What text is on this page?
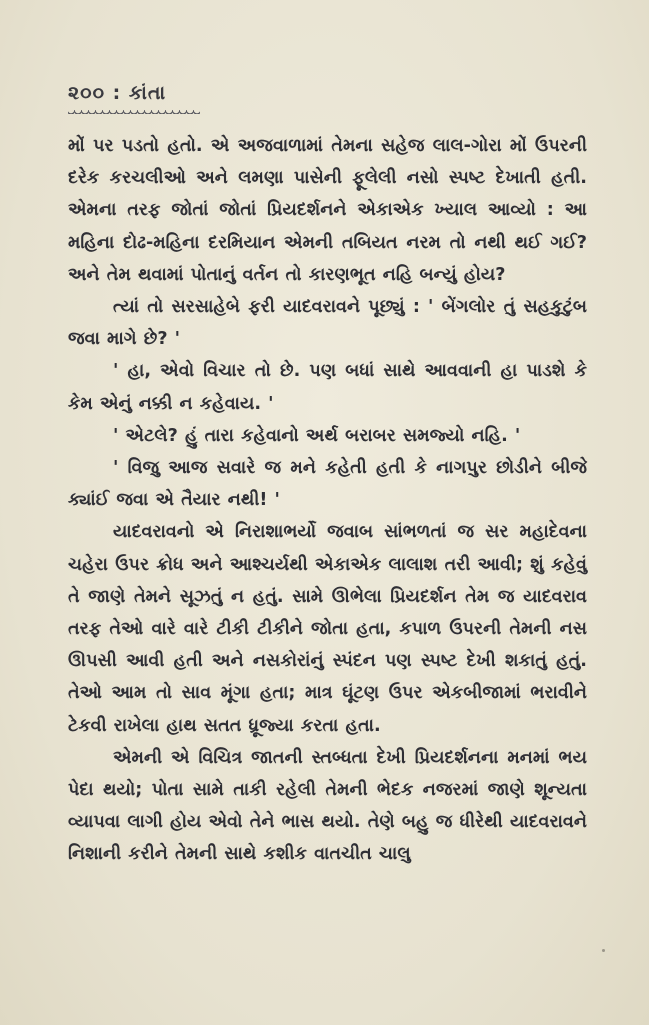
૨૦૦ : કાંતા

મોં પર પડતો હતો. એ અજવાળામાં તેમના સહેજ લાલ-ગોરા મોં ઉપરની દરેક કરચલીઓ અને લમણા પાસેની ફૂલેલી નસો સ્પષ્ટ દેખાતી હતી. એમના તરફ જોતાં જોતાં પ્રિયદર્શનને એકાએક ખ્યાલ આવ્યો : આ મહિના દોઢ-મહિના દરમિયાન એમની તબિયત નરમ તો નથી થઈ ગઈ? અને તેમ થવામાં પોતાનું વર્તન તો કારણભૂત નહિ બન્યું હોય?

ત્યાં તો સરસાહેબે ફરી યાદવરાવને પૂછ્યું : ' બેંગલોર તું સહકુટુંબ જવા માગે છે? '

' હા, એવો વિચાર તો છે. પણ બધાં સાથે આવવાની હા પાડશે કે કેમ એનું નક્કી ન કહેવાય. '

' એટલે? હું તારા કહેવાનો અર્થ બરાબર સમજ્યો નહિ. '

' વિજુ આજ સવારે જ મને કહેતી હતી કે નાગપુર છોડીને બીજે ક્યાંઈ જવા એ તૈયાર નથી! '

યાદવરાવનો એ નિરાશાભર્યો જવાબ સાંભળતાં જ સર મહાદેવના ચહેરા ઉપર ક્રોધ અને આશ્ચર્યથી એકાએક લાલાશ તરી આવી; શું કહેવું તે જાણે તેમને સૂઝતું ન હતું. સામે ઊભેલા પ્રિયદર્શન તેમ જ યાદવરાવ તરફ તેઓ વારે વારે ટીકી ટીકીને જોતા હતા, કપાળ ઉપરની તેમની નસ ઊપસી આવી હતી અને નસકોરાંનું સ્પંદન પણ સ્પષ્ટ દેખી શકાતું હતું. તેઓ આમ તો સાવ મૂંગા હતા; માત્ર ઘૂંટણ ઉપર એકબીજામાં ભરાવીને ટેકવી રાખેલા હાથ સતત ધ્રૂજ્યા કરતા હતા.

એમની એ વિચિત્ર જાતની સ્તબ્ધતા દેખી પ્રિયદર્શનના મનમાં ભય પેદા થયો; પોતા સામે તાકી રહેલી તેમની ભેદક નજરમાં જાણે શૂન્યતા વ્યાપવા લાગી હોય એવો તેને ભાસ થયો. તેણે બહુ જ ધીરેથી યાદવરાવને નિશાની કરીને તેમની સાથે કશીક વાતચીત ચાલુ
